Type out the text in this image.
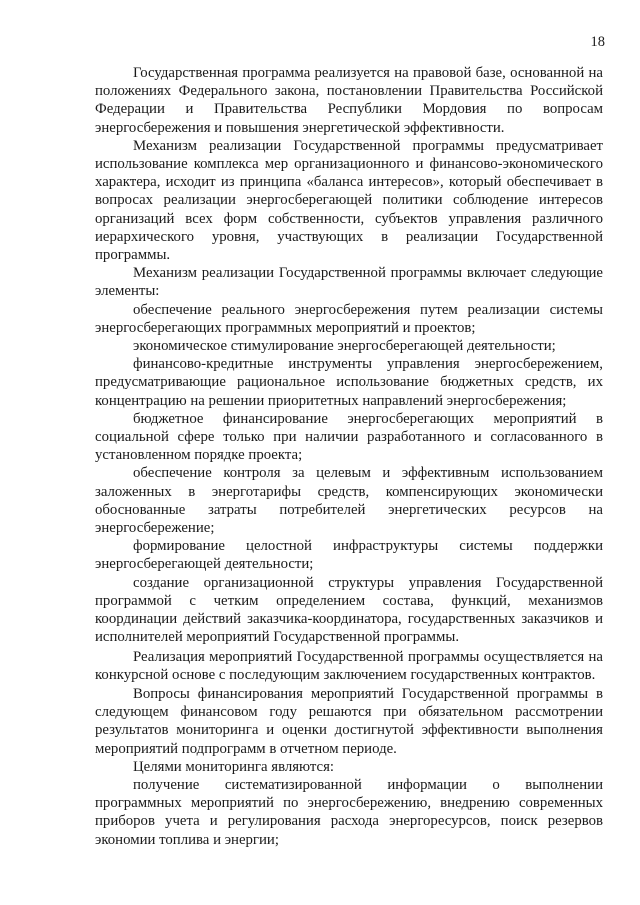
18

Государственная программа реализуется на правовой базе, основанной на положениях Федерального закона, постановлении Правительства Российской Федерации и Правительства Республики Мордовия по вопросам энергосбережения и повышения энергетической эффективности.

Механизм реализации Государственной программы предусматривает использование комплекса мер организационного и финансово-экономического характера, исходит из принципа «баланса интересов», который обеспечивает в вопросах реализации энергосберегающей политики соблюдение интересов организаций всех форм собственности, субъектов управления различного иерархического уровня, участвующих в реализации Государственной программы.

Механизм реализации Государственной программы включает следующие элементы:

обеспечение реального энергосбережения путем реализации системы энергосберегающих программных мероприятий и проектов;

экономическое стимулирование энергосберегающей деятельности;

финансово-кредитные инструменты управления энергосбережением, предусматривающие рациональное использование бюджетных средств, их концентрацию на решении приоритетных направлений энергосбережения;

бюджетное финансирование энергосберегающих мероприятий в социальной сфере только при наличии разработанного и согласованного в установленном порядке проекта;

обеспечение контроля за целевым и эффективным использованием заложенных в энерготарифы средств, компенсирующих экономически обоснованные затраты потребителей энергетических ресурсов на энергосбережение;

формирование целостной инфраструктуры системы поддержки энергосберегающей деятельности;

создание организационной структуры управления Государственной программой с четким определением состава, функций, механизмов координации действий заказчика-координатора, государственных заказчиков и исполнителей мероприятий Государственной программы.

Реализация мероприятий Государственной программы осуществляется на конкурсной основе с последующим заключением государственных контрактов.

Вопросы финансирования мероприятий Государственной программы в следующем финансовом году решаются при обязательном рассмотрении результатов мониторинга и оценки достигнутой эффективности выполнения мероприятий подпрограмм в отчетном периоде.

Целями мониторинга являются:

получение систематизированной информации о выполнении программных мероприятий по энергосбережению, внедрению современных приборов учета и регулирования расхода энергоресурсов, поиск резервов экономии топлива и энергии;
